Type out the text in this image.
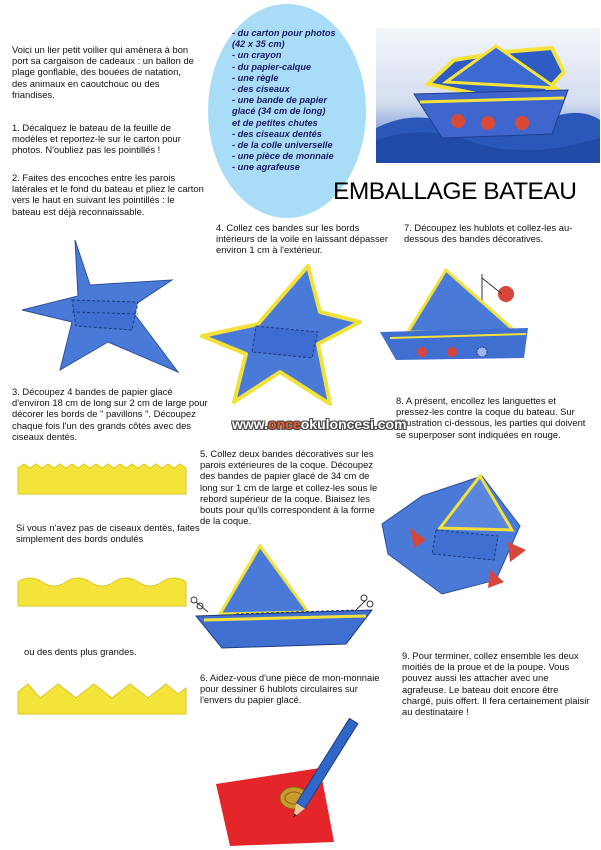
Voici un lier petit voilier qui amènera à bon port sa cargaison de cadeaux : un ballon de plage gonflable, des bouées de natation, des animaux en caoutchouc ou des friandises.
1. Décalquez le bateau de la feuille de modèles et reportez-le sur le carton pour photos. N'oubliez pas les pointillés !
2. Faites des encoches entre les parois latérales et le fond du bateau et pliez le carton vers le haut en suivant les pointillés : le bateau est déjà reconnaissable.
- du carton pour photos
(42 x 35 cm)
- un crayon
- du papier-calque
- une règle
- des ciseaux
- une bande de papier
glacé (34 cm de long)
et de petites chutes
- des ciseaux dentés
- de la colle universelle
- une pièce de monnaie
- une agrafeuse
EMBALLAGE BATEAU
4. Collez ces bandes sur les bords intérieurs de la voile en laissant dépasser environ 1 cm à l'extérieur.
7. Découpez les hublots et collez-les au-dessous des bandes décoratives.
3. Découpez 4 bandes de papier glacé d'environ 18 cm de long sur 2 cm de large pour décorer les bords de " pavillons ". Découpez chaque fois l'un des grands côtés avec des ciseaux dentés.
8. A présent, encollez les languettes et pressez-les contre la coque du bateau. Sur l'illustration ci-dessous, les parties qui doivent se superposer sont indiquées en rouge.
www.onceokuloncesi.com
Si vous n'avez pas de ciseaux dentés, faites simplement des bords ondulés
5. Collez deux bandes décoratives sur les parois extérieures de la coque. Découpez des bandes de papier glacé de 34 cm de long sur 1 cm de large et collez-les sous le rebord supérieur de la coque. Biaisez les bouts pour qu'ils correspondent à la forme de la coque.
ou des dents plus grandes.
6. Aidez-vous d'une pièce de mon-monnaie pour dessiner 6 hublots circulaires sur l'envers du papier glacé.
9. Pour terminer, collez ensemble les deux moitiés de la proue et de la poupe. Vous pouvez aussi les attacher avec une agrafeuse. Le bateau doit encore être chargé, puis offert. Il fera certainement plaisir au destinataire !
